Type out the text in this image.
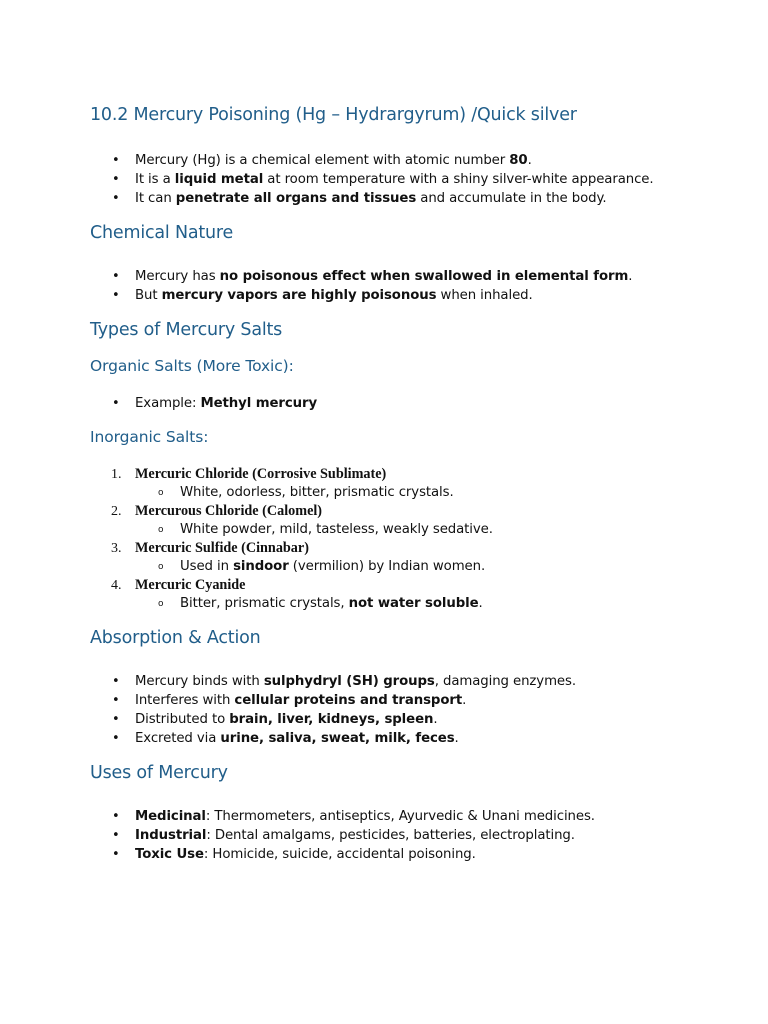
10.2 Mercury Poisoning (Hg – Hydrargyrum) /Quick silver
• Mercury (Hg) is a chemical element with atomic number 80.
• It is a liquid metal at room temperature with a shiny silver-white appearance.
• It can penetrate all organs and tissues and accumulate in the body.
Chemical Nature
• Mercury has no poisonous effect when swallowed in elemental form.
• But mercury vapors are highly poisonous when inhaled.
Types of Mercury Salts
Organic Salts (More Toxic):
• Example: Methyl mercury
Inorganic Salts:
1. Mercuric Chloride (Corrosive Sublimate)
o White, odorless, bitter, prismatic crystals.
2. Mercurous Chloride (Calomel)
o White powder, mild, tasteless, weakly sedative.
3. Mercuric Sulfide (Cinnabar)
o Used in sindoor (vermilion) by Indian women.
4. Mercuric Cyanide
o Bitter, prismatic crystals, not water soluble.
Absorption & Action
• Mercury binds with sulphydryl (SH) groups, damaging enzymes.
• Interferes with cellular proteins and transport.
• Distributed to brain, liver, kidneys, spleen.
• Excreted via urine, saliva, sweat, milk, feces.
Uses of Mercury
• Medicinal: Thermometers, antiseptics, Ayurvedic & Unani medicines.
• Industrial: Dental amalgams, pesticides, batteries, electroplating.
• Toxic Use: Homicide, suicide, accidental poisoning.
